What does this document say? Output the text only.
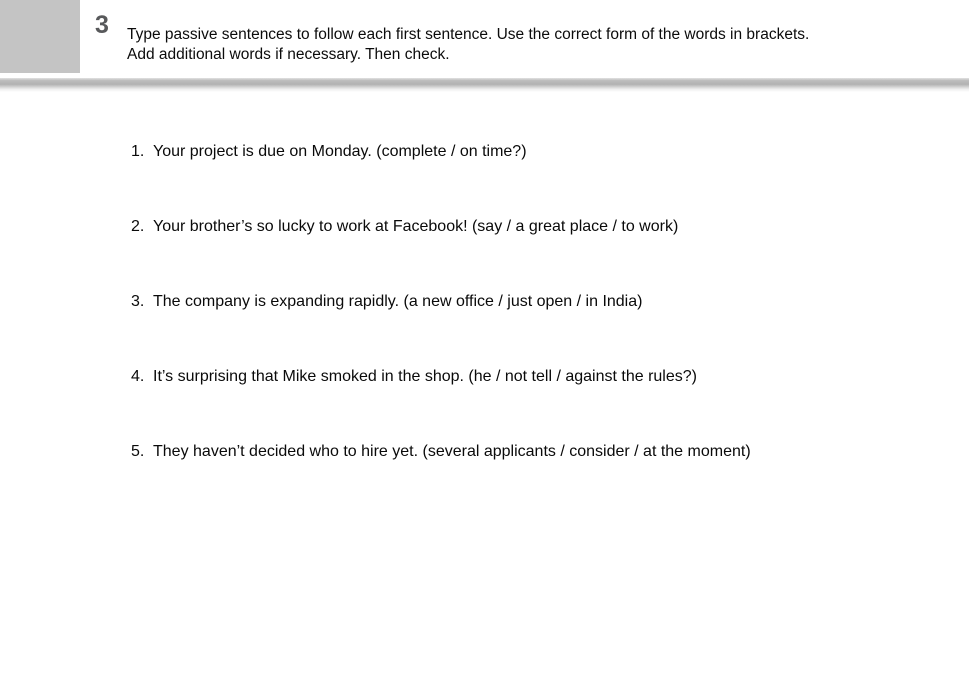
3 Type passive sentences to follow each first sentence. Use the correct form of the words in brackets.
Add additional words if necessary. Then check.
1. Your project is due on Monday. (complete / on time?)
2. Your brother’s so lucky to work at Facebook! (say / a great place / to work)
3. The company is expanding rapidly. (a new office / just open / in India)
4. It’s surprising that Mike smoked in the shop. (he / not tell / against the rules?)
5. They haven’t decided who to hire yet. (several applicants / consider / at the moment)
